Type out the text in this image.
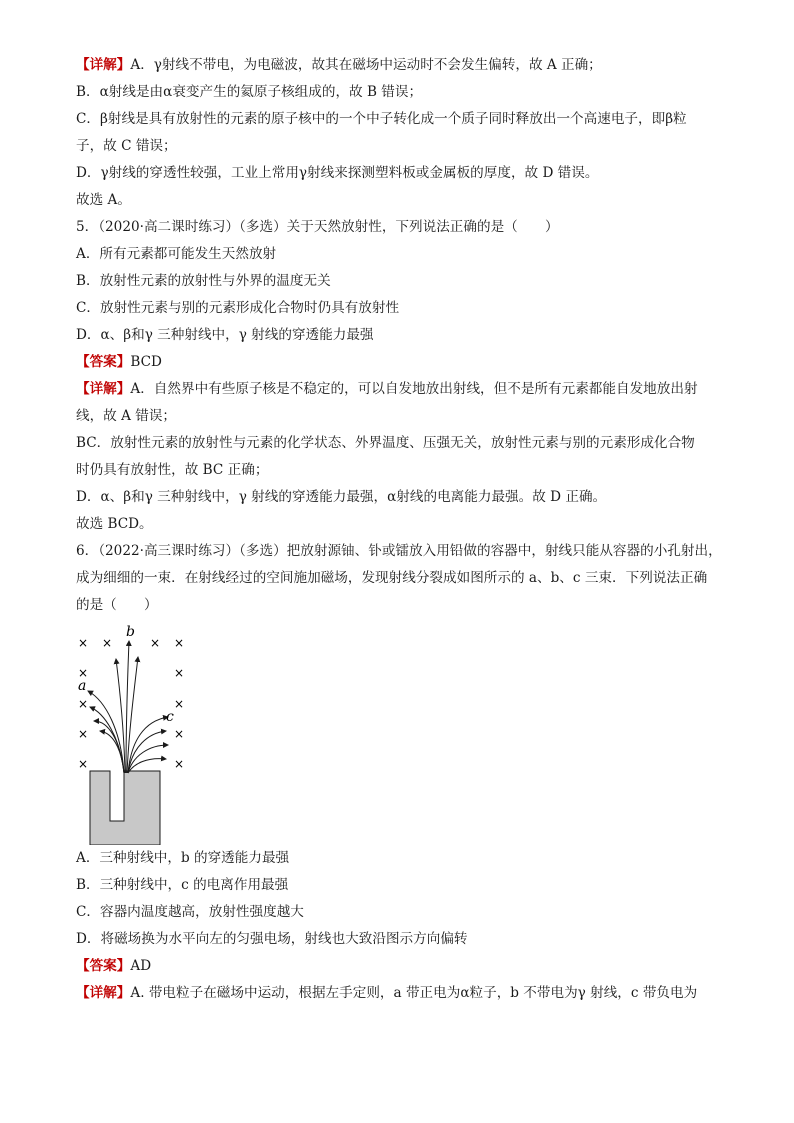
【详解】A．γ射线不带电，为电磁波，故其在磁场中运动时不会发生偏转，故 A 正确；
B．α射线是由α衰变产生的氦原子核组成的，故 B 错误；
C．β射线是具有放射性的元素的原子核中的一个中子转化成一个质子同时释放出一个高速电子，即β粒
子，故 C 错误；
D．γ射线的穿透性较强，工业上常用γ射线来探测塑料板或金属板的厚度，故 D 错误。
故选 A。
5．（2020·高二课时练习）（多选）关于天然放射性，下列说法正确的是（　　）
A．所有元素都可能发生天然放射
B．放射性元素的放射性与外界的温度无关
C．放射性元素与别的元素形成化合物时仍具有放射性
D．α、β和γ 三种射线中，γ 射线的穿透能力最强
【答案】BCD
【详解】A．自然界中有些原子核是不稳定的，可以自发地放出射线，但不是所有元素都能自发地放出射
线，故 A 错误；
BC．放射性元素的放射性与元素的化学状态、外界温度、压强无关，放射性元素与别的元素形成化合物
时仍具有放射性，故 BC 正确；
D．α、β和γ 三种射线中，γ 射线的穿透能力最强，α射线的电离能力最强。故 D 正确。
故选 BCD。
6．（2022·高三课时练习）（多选）把放射源铀、钋或镭放入用铅做的容器中，射线只能从容器的小孔射出，
成为细细的一束．在射线经过的空间施加磁场，发现射线分裂成如图所示的 a、b、c 三束．下列说法正确
的是（　　）
× ×	× ×
×	×
×	×
×	×
×	×
b
a
c
A．三种射线中，b 的穿透能力最强
B．三种射线中，c 的电离作用最强
C．容器内温度越高，放射性强度越大
D．将磁场换为水平向左的匀强电场，射线也大致沿图示方向偏转
【答案】AD
【详解】A. 带电粒子在磁场中运动，根据左手定则，a 带正电为α粒子，b 不带电为γ 射线，c 带负电为
